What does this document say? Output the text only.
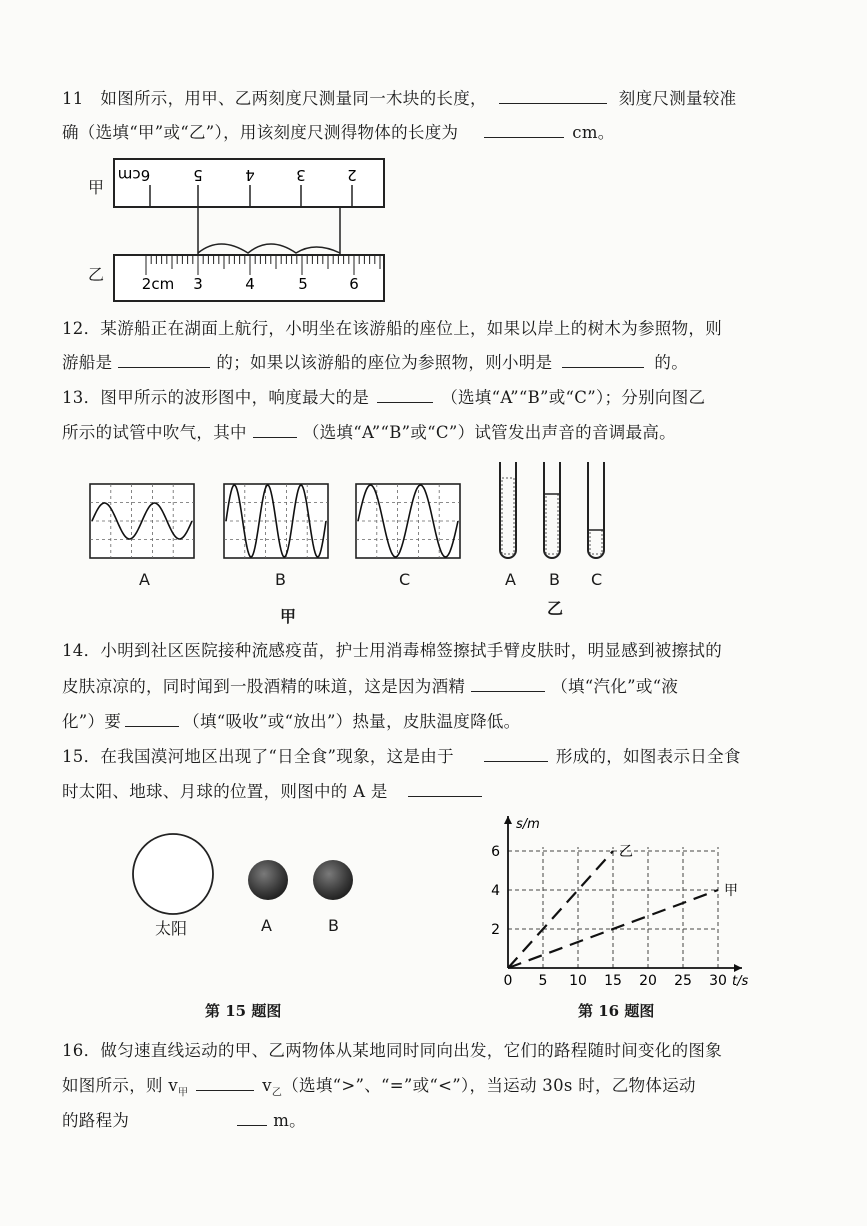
11　如图所示，用甲、乙两刻度尺测量同一木块的长度，	刻度尺测量较准
确（选填“甲”或“乙”），用该刻度尺测得物体的长度为	cm。
甲
乙
6cm	5	4	3	2
2cm 3	4	5	6
12．某游船正在湖面上航行，小明坐在该游船的座位上，如果以岸上的树木为参照物，则
游船是	的；如果以该游船的座位为参照物，则小明是	的。
13．图甲所示的波形图中，响度最大的是	（选填“A”“B”或“C”）；分别向图乙
所示的试管中吹气，其中	（选填“A”“B”或“C”）试管发出声音的音调最高。
A	B	C
甲
A B C
乙
14．小明到社区医院接种流感疫苗，护士用消毒棉签擦拭手臂皮肤时，明显感到被擦拭的
皮肤凉凉的，同时闻到一股酒精的味道，这是因为酒精	（填“汽化”或“液
化”）要	（填“吸收”或“放出”）热量，皮肤温度降低。
15．在我国漠河地区出现了“日全食”现象，这是由于	形成的，如图表示日全食
时太阳、地球、月球的位置，则图中的 A 是
太阳	A	B
第 15 题图
0 5 10 15 20 25 30
2
4
6
t/s
s/m
甲
乙
第 16 题图
16．做匀速直线运动的甲、乙两物体从某地同时同向出发，它们的路程随时间变化的图象
如图所示，则 $v_甲$	$v_乙$（选填“>”、“=”或“<”），当运动 30s 时，乙物体运动
的路程为	m。
